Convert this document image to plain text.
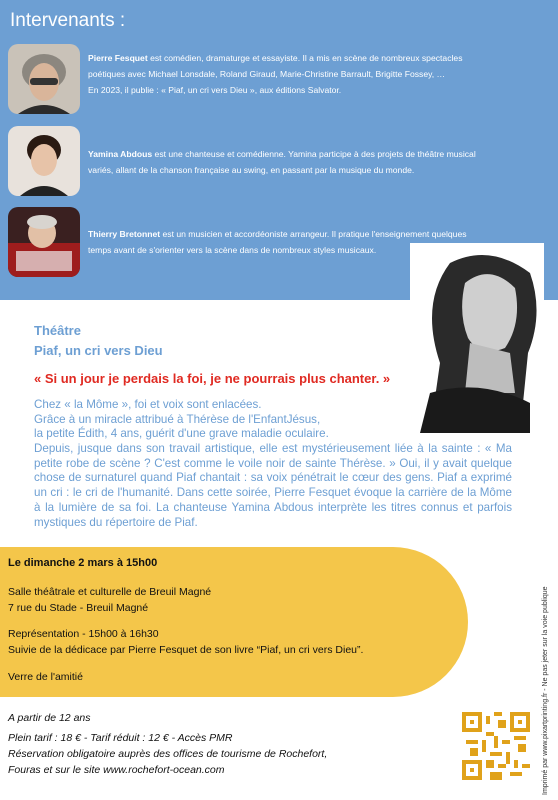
Intervenants :
Pierre Fesquet est comédien, dramaturge et essayiste. Il a mis en scène de nombreux spectacles
poétiques avec Michael Lonsdale, Roland Giraud, Marie-Christine Barrault, Brigitte Fossey, …
En 2023, il publie : « Piaf, un cri vers Dieu », aux éditions Salvator.
Yamina Abdous est une chanteuse et comédienne. Yamina participe à des projets de théâtre musical
variés, allant de la chanson française au swing, en passant par la musique du monde.
Thierry Bretonnet est un musicien et accordéoniste arrangeur. Il pratique l'enseignement quelques
temps avant de s'orienter vers la scène dans de nombreux styles musicaux.
Théâtre
Piaf, un cri vers Dieu
« Si un jour je perdais la foi, je ne pourrais plus chanter. »
Chez « la Môme », foi et voix sont enlacées.
Grâce à un miracle attribué à Thérèse de l'EnfantJésus,
la petite Édith, 4 ans, guérit d'une grave maladie oculaire.
Depuis, jusque dans son travail artistique, elle est mystérieusement liée à la sainte : « Ma petite robe de scène ? C'est comme le voile noir de sainte Thérèse. » Oui, il y avait quelque chose de surnaturel quand Piaf chantait : sa voix pénétrait le cœur des gens. Piaf a exprimé un cri : le cri de l'humanité. Dans cette soirée, Pierre Fesquet évoque la carrière de la Môme à la lumière de sa foi. La chanteuse Yamina Abdous interprète les titres connus et parfois mystiques du répertoire de Piaf.
Le dimanche 2 mars à 15h00
Salle théâtrale et culturelle de Breuil Magné
7 rue du Stade - Breuil Magné
Représentation - 15h00 à 16h30
Suivie de la dédicace par Pierre Fesquet de son livre “Piaf, un cri vers Dieu”.
Verre de l'amitié
A partir de 12 ans
Plein tarif : 18 € - Tarif réduit : 12 € - Accès PMR
Réservation obligatoire auprès des offices de tourisme de Rochefort,
Fouras et sur le site www.rochefort-ocean.com	Imprimé par www.pixartprinting.fr - Ne pas jeter sur la voie publique
